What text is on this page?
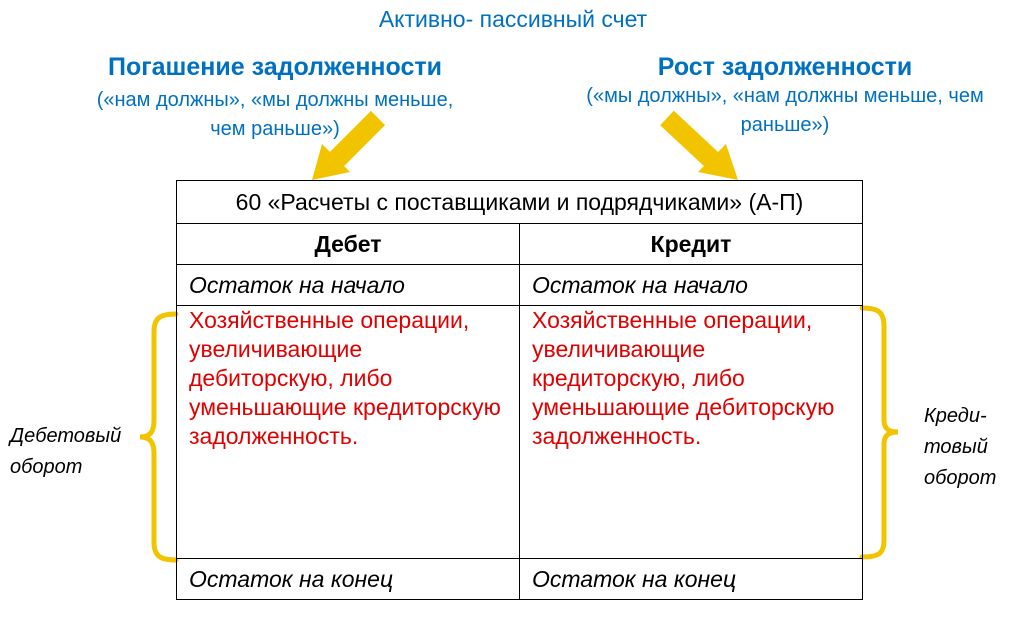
Активно- пассивный счет
Погашение задолженности
(«нам должны», «мы должны меньше,
чем раньше»)
Рост задолженности
(«мы должны», «нам должны меньше, чем
раньше»)
Дебетовый
оборот
Креди-
товый
оборот
60 «Расчеты с поставщиками и подрядчиками» (А-П)	
Дебет	Кредит
Остаток на начало	Остаток на начало
Хозяйственные операции, увеличивающие дебиторскую, либо уменьшающие кредиторскую задолженность.	Хозяйственные операции, увеличивающие кредиторскую, либо уменьшающие дебиторскую задолженность.
Остаток на конец	Остаток на конец
